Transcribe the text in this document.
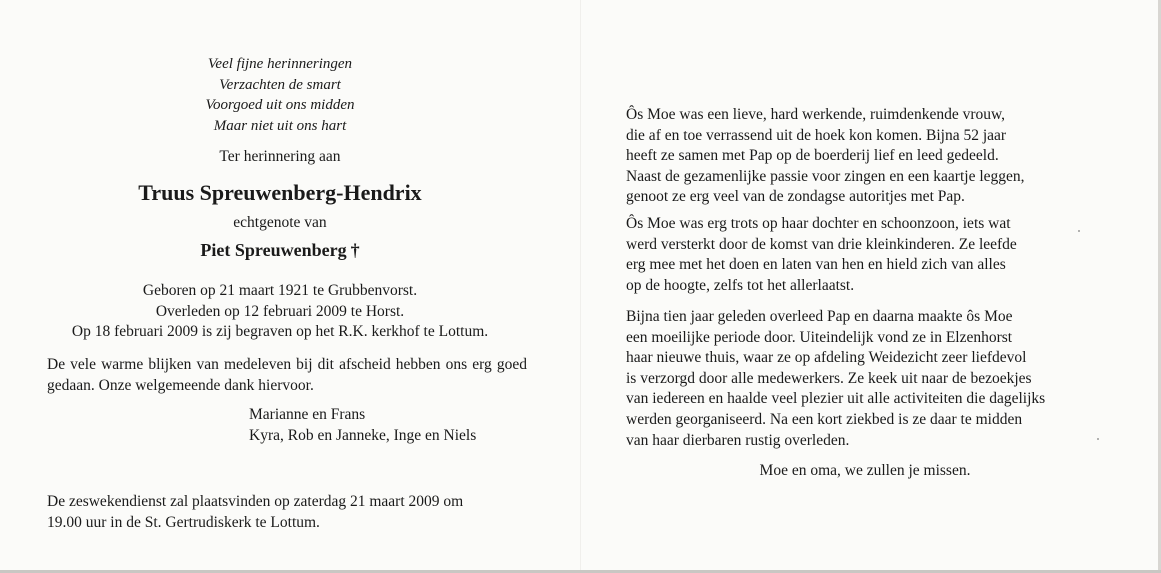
Veel fijne herinneringen
Verzachten de smart
Voorgoed uit ons midden
Maar niet uit ons hart
Ter herinnering aan
Truus Spreuwenberg-Hendrix
echtgenote van
Piet Spreuwenberg †
Geboren op 21 maart 1921 te Grubbenvorst.
Overleden op 12 februari 2009 te Horst.
Op 18 februari 2009 is zij begraven op het R.K. kerkhof te Lottum.
De vele warme blijken van medeleven bij dit afscheid hebben ons erg goed gedaan. Onze welgemeende dank hiervoor.
Marianne en Frans
Kyra, Rob en Janneke, Inge en Niels
De zeswekendienst zal plaatsvinden op zaterdag 21 maart 2009 om
19.00 uur in de St. Gertrudiskerk te Lottum.
Ôs Moe was een lieve, hard werkende, ruimdenkende vrouw,
die af en toe verrassend uit de hoek kon komen. Bijna 52 jaar
heeft ze samen met Pap op de boerderij lief en leed gedeeld.
Naast de gezamenlijke passie voor zingen en een kaartje leggen,
genoot ze erg veel van de zondagse autoritjes met Pap.
Ôs Moe was erg trots op haar dochter en schoonzoon, iets wat
werd versterkt door de komst van drie kleinkinderen. Ze leefde
erg mee met het doen en laten van hen en hield zich van alles
op de hoogte, zelfs tot het allerlaatst.
Bijna tien jaar geleden overleed Pap en daarna maakte ôs Moe
een moeilijke periode door. Uiteindelijk vond ze in Elzenhorst
haar nieuwe thuis, waar ze op afdeling Weidezicht zeer liefdevol
is verzorgd door alle medewerkers. Ze keek uit naar de bezoekjes
van iedereen en haalde veel plezier uit alle activiteiten die dagelijks
werden georganiseerd. Na een kort ziekbed is ze daar te midden
van haar dierbaren rustig overleden.
Moe en oma, we zullen je missen.
